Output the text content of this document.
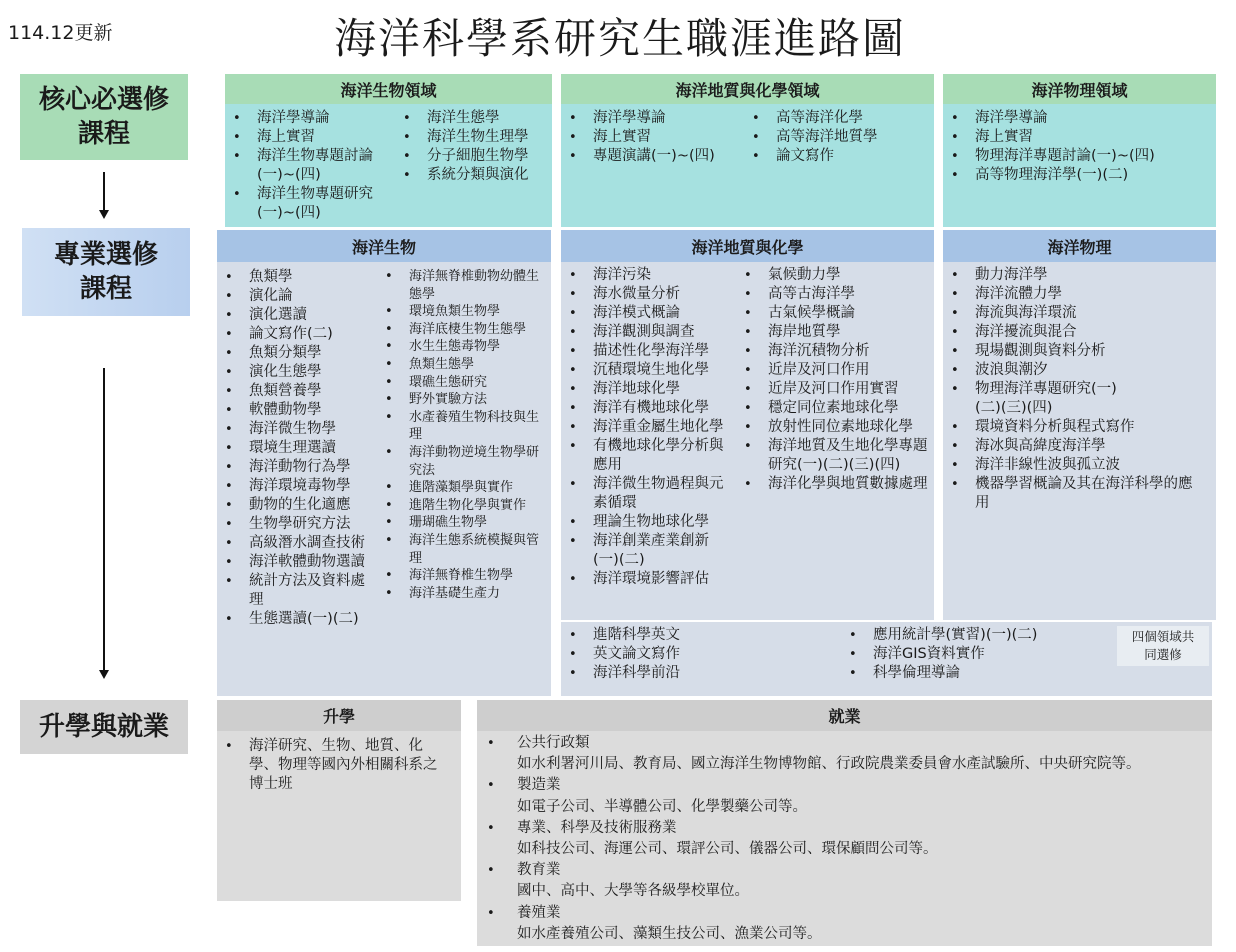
114.12更新	海洋科學系研究生職涯進路圖
核心必選修
課程
專業選修
課程
升學與就業
海洋生物領域
• 海洋學導論
• 海上實習
• 海洋生物專題討論(一)~(四)
• 海洋生物專題研究(一)~(四)
• 海洋生態學
• 海洋生物生理學
• 分子細胞生物學
• 系統分類與演化
海洋地質與化學領域
• 海洋學導論
• 海上實習
• 專題演講(一)~(四)
• 高等海洋化學
• 高等海洋地質學
• 論文寫作
海洋物理領域
• 海洋學導論
• 海上實習
• 物理海洋專題討論(一)~(四)
• 高等物理海洋學(一)(二)
海洋生物
• 魚類學
• 演化論
• 演化選讀
• 論文寫作(二)
• 魚類分類學
• 演化生態學
• 魚類營養學
• 軟體動物學
• 海洋微生物學
• 環境生理選讀
• 海洋動物行為學
• 海洋環境毒物學
• 動物的生化適應
• 生物學研究方法
• 高級潛水調查技術
• 海洋軟體動物選讀
• 統計方法及資料處理
• 生態選讀(一)(二)
• 海洋無脊椎動物幼體生態學
• 環境魚類生物學
• 海洋底棲生物生態學
• 水生生態毒物學
• 魚類生態學
• 環礁生態研究
• 野外實驗方法
• 水產養殖生物科技與生理
• 海洋動物逆境生物學研究法
• 進階藻類學與實作
• 進階生物化學與實作
• 珊瑚礁生物學
• 海洋生態系統模擬與管理
• 海洋無脊椎生物學
• 海洋基礎生產力
海洋地質與化學
• 海洋污染
• 海水微量分析
• 海洋模式概論
• 海洋觀測與調查
• 描述性化學海洋學
• 沉積環境生地化學
• 海洋地球化學
• 海洋有機地球化學
• 海洋重金屬生地化學
• 有機地球化學分析與應用
• 海洋微生物過程與元素循環
• 理論生物地球化學
• 海洋創業產業創新(一)(二)
• 海洋環境影響評估
• 氣候動力學
• 高等古海洋學
• 古氣候學概論
• 海岸地質學
• 海洋沉積物分析
• 近岸及河口作用
• 近岸及河口作用實習
• 穩定同位素地球化學
• 放射性同位素地球化學
• 海洋地質及生地化學專題研究(一)(二)(三)(四)
• 海洋化學與地質數據處理
海洋物理
• 動力海洋學
• 海洋流體力學
• 海流與海洋環流
• 海洋擾流與混合
• 現場觀測與資料分析
• 波浪與潮汐
• 物理海洋專題研究(一)(二)(三)(四)
• 環境資料分析與程式寫作
• 海冰與高緯度海洋學
• 海洋非線性波與孤立波
• 機器學習概論及其在海洋科學的應用
• 進階科學英文
• 英文論文寫作
• 海洋科學前沿
• 應用統計學(實習)(一)(二)
• 海洋GIS資料實作
• 科學倫理導論
四個領域共同選修
升學
• 海洋研究、生物、地質、化學、物理等國內外相關科系之博士班
就業
• 公共行政類
如水利署河川局、教育局、國立海洋生物博物館、行政院農業委員會水產試驗所、中央研究院等。
• 製造業
如電子公司、半導體公司、化學製藥公司等。
• 專業、科學及技術服務業
如科技公司、海運公司、環評公司、儀器公司、環保顧問公司等。
• 教育業
國中、高中、大學等各級學校單位。
• 養殖業
如水產養殖公司、藻類生技公司、漁業公司等。
